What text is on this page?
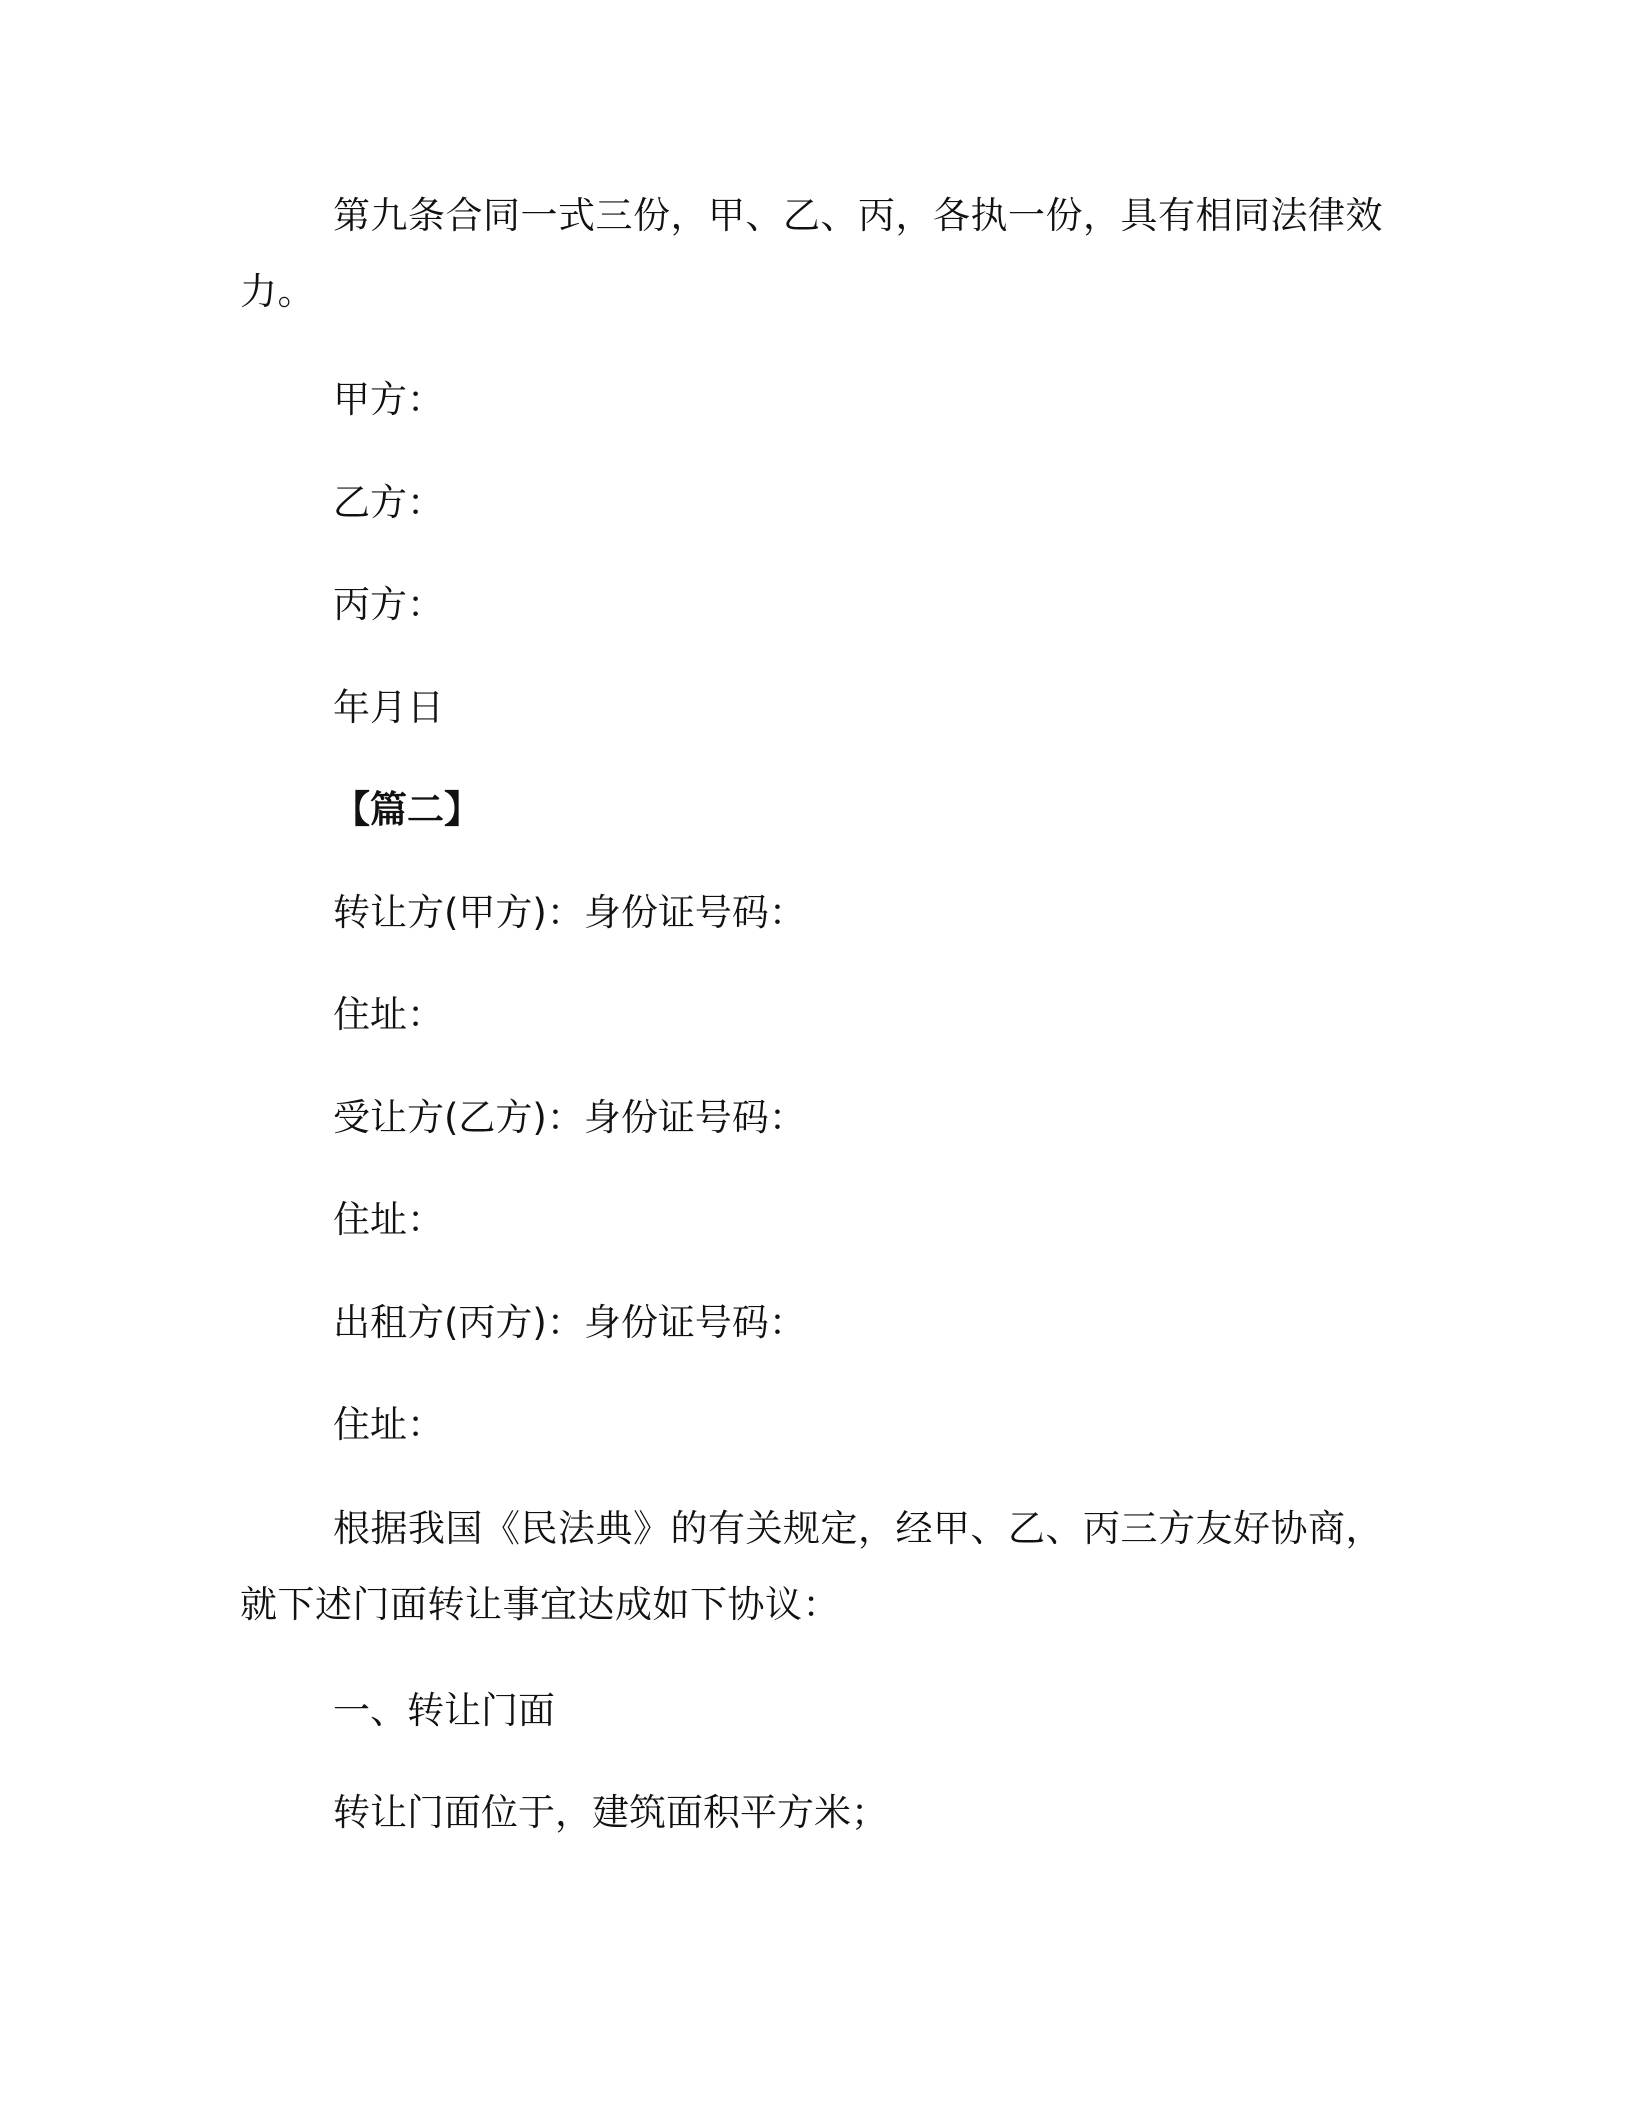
第九条合同一式三份，甲、乙、丙，各执一份，具有相同法律效力。
甲方：
乙方：
丙方：
年月日
【篇二】
转让方(甲方)：身份证号码：
住址：
受让方(乙方)：身份证号码：
住址：
出租方(丙方)：身份证号码：
住址：
根据我国《民法典》的有关规定，经甲、乙、丙三方友好协商，就下述门面转让事宜达成如下协议：
一、转让门面
转让门面位于，建筑面积平方米；
